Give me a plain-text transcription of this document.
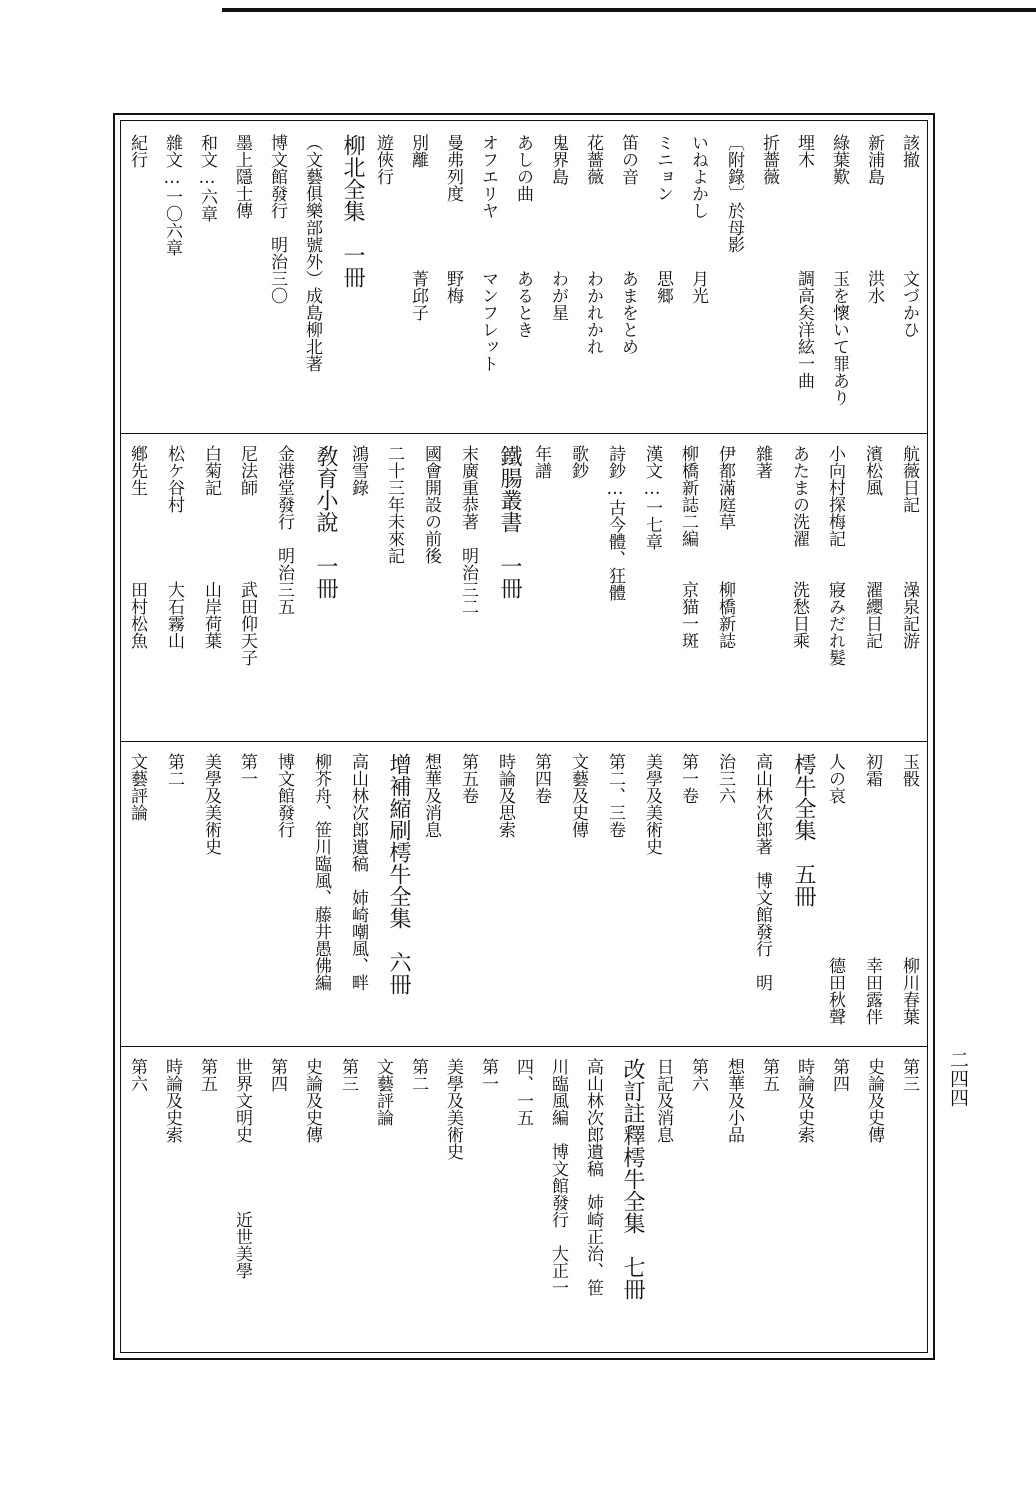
該撤　　　　　　文づかひ
新浦島　　　　　洪水
綠葉歎　　　　　玉を懷いて罪あり
埋木　　　　　　調高矣洋絃一曲
折薔薇
〔附錄〕於母影
いねよかし　　　月光
ミニョン　　　　思郷
笛の音　　　　　あまをとめ
花薔薇　　　　　わかれかれ
鬼界島　　　　　わが星
あしの曲　　　　あるとき
オフエリヤ　　　マンフレット
曼弗列度　　　　野梅
別離　　　　　　菁邱子
遊俠行
柳北全集　一冊
（文藝俱樂部號外）成島柳北著
博文館發行　明治三〇
墨上隱士傳
和文…六章
雜文…一〇六章
紀行
航薇日記　　　　澡泉記游
濱松風　　　　　濯纓日記
小向村探梅記　　寢みだれ髮
あたまの洗濯　　洗愁日乘
雜著
伊都滿庭草　　　柳橋新誌
柳橋新誌二編　　京猫一斑
漢文…一七章
詩鈔…古今體、狂體
歌鈔
年譜
鐵腸叢書　一冊
末廣重恭著　明治三二
國會開設の前後
二十三年未來記
鴻雪錄
敎育小說　一冊
金港堂發行　明治三五
尼法師　　　　　武田仰天子
白菊記　　　　　山岸荷葉
松ケ谷村　　　　大石霧山
鄕先生　　　　　田村松魚
玉骰　　　　　　　　　　柳川春葉
初霜　　　　　　　　　　幸田露伴
人の哀　　　　　　　　　德田秋聲
樗牛全集　五冊
高山林次郎著　博文館發行　明
治三六
第一卷
美學及美術史
第二、三卷
文藝及史傳
第四卷
時論及思索
第五卷
想華及消息
增補縮刷樗牛全集　六冊
高山林次郎遺稿　姉崎嘲風、畔
柳芥舟、笹川臨風、藤井愚佛編
博文館發行
第一
美學及美術史
第二
文藝評論
第三
史論及史傳
第四
時論及史索
第五
想華及小品
第六
日記及消息
改訂註釋樗牛全集　七冊
高山林次郎遺稿　姉崎正治、笹
川臨風編　博文館發行　大正一
四、一五
第一
美學及美術史
第二
文藝評論
第三
史論及史傳
第四
世界文明史　　　　近世美學
第五
時論及史索
第六	二四四
